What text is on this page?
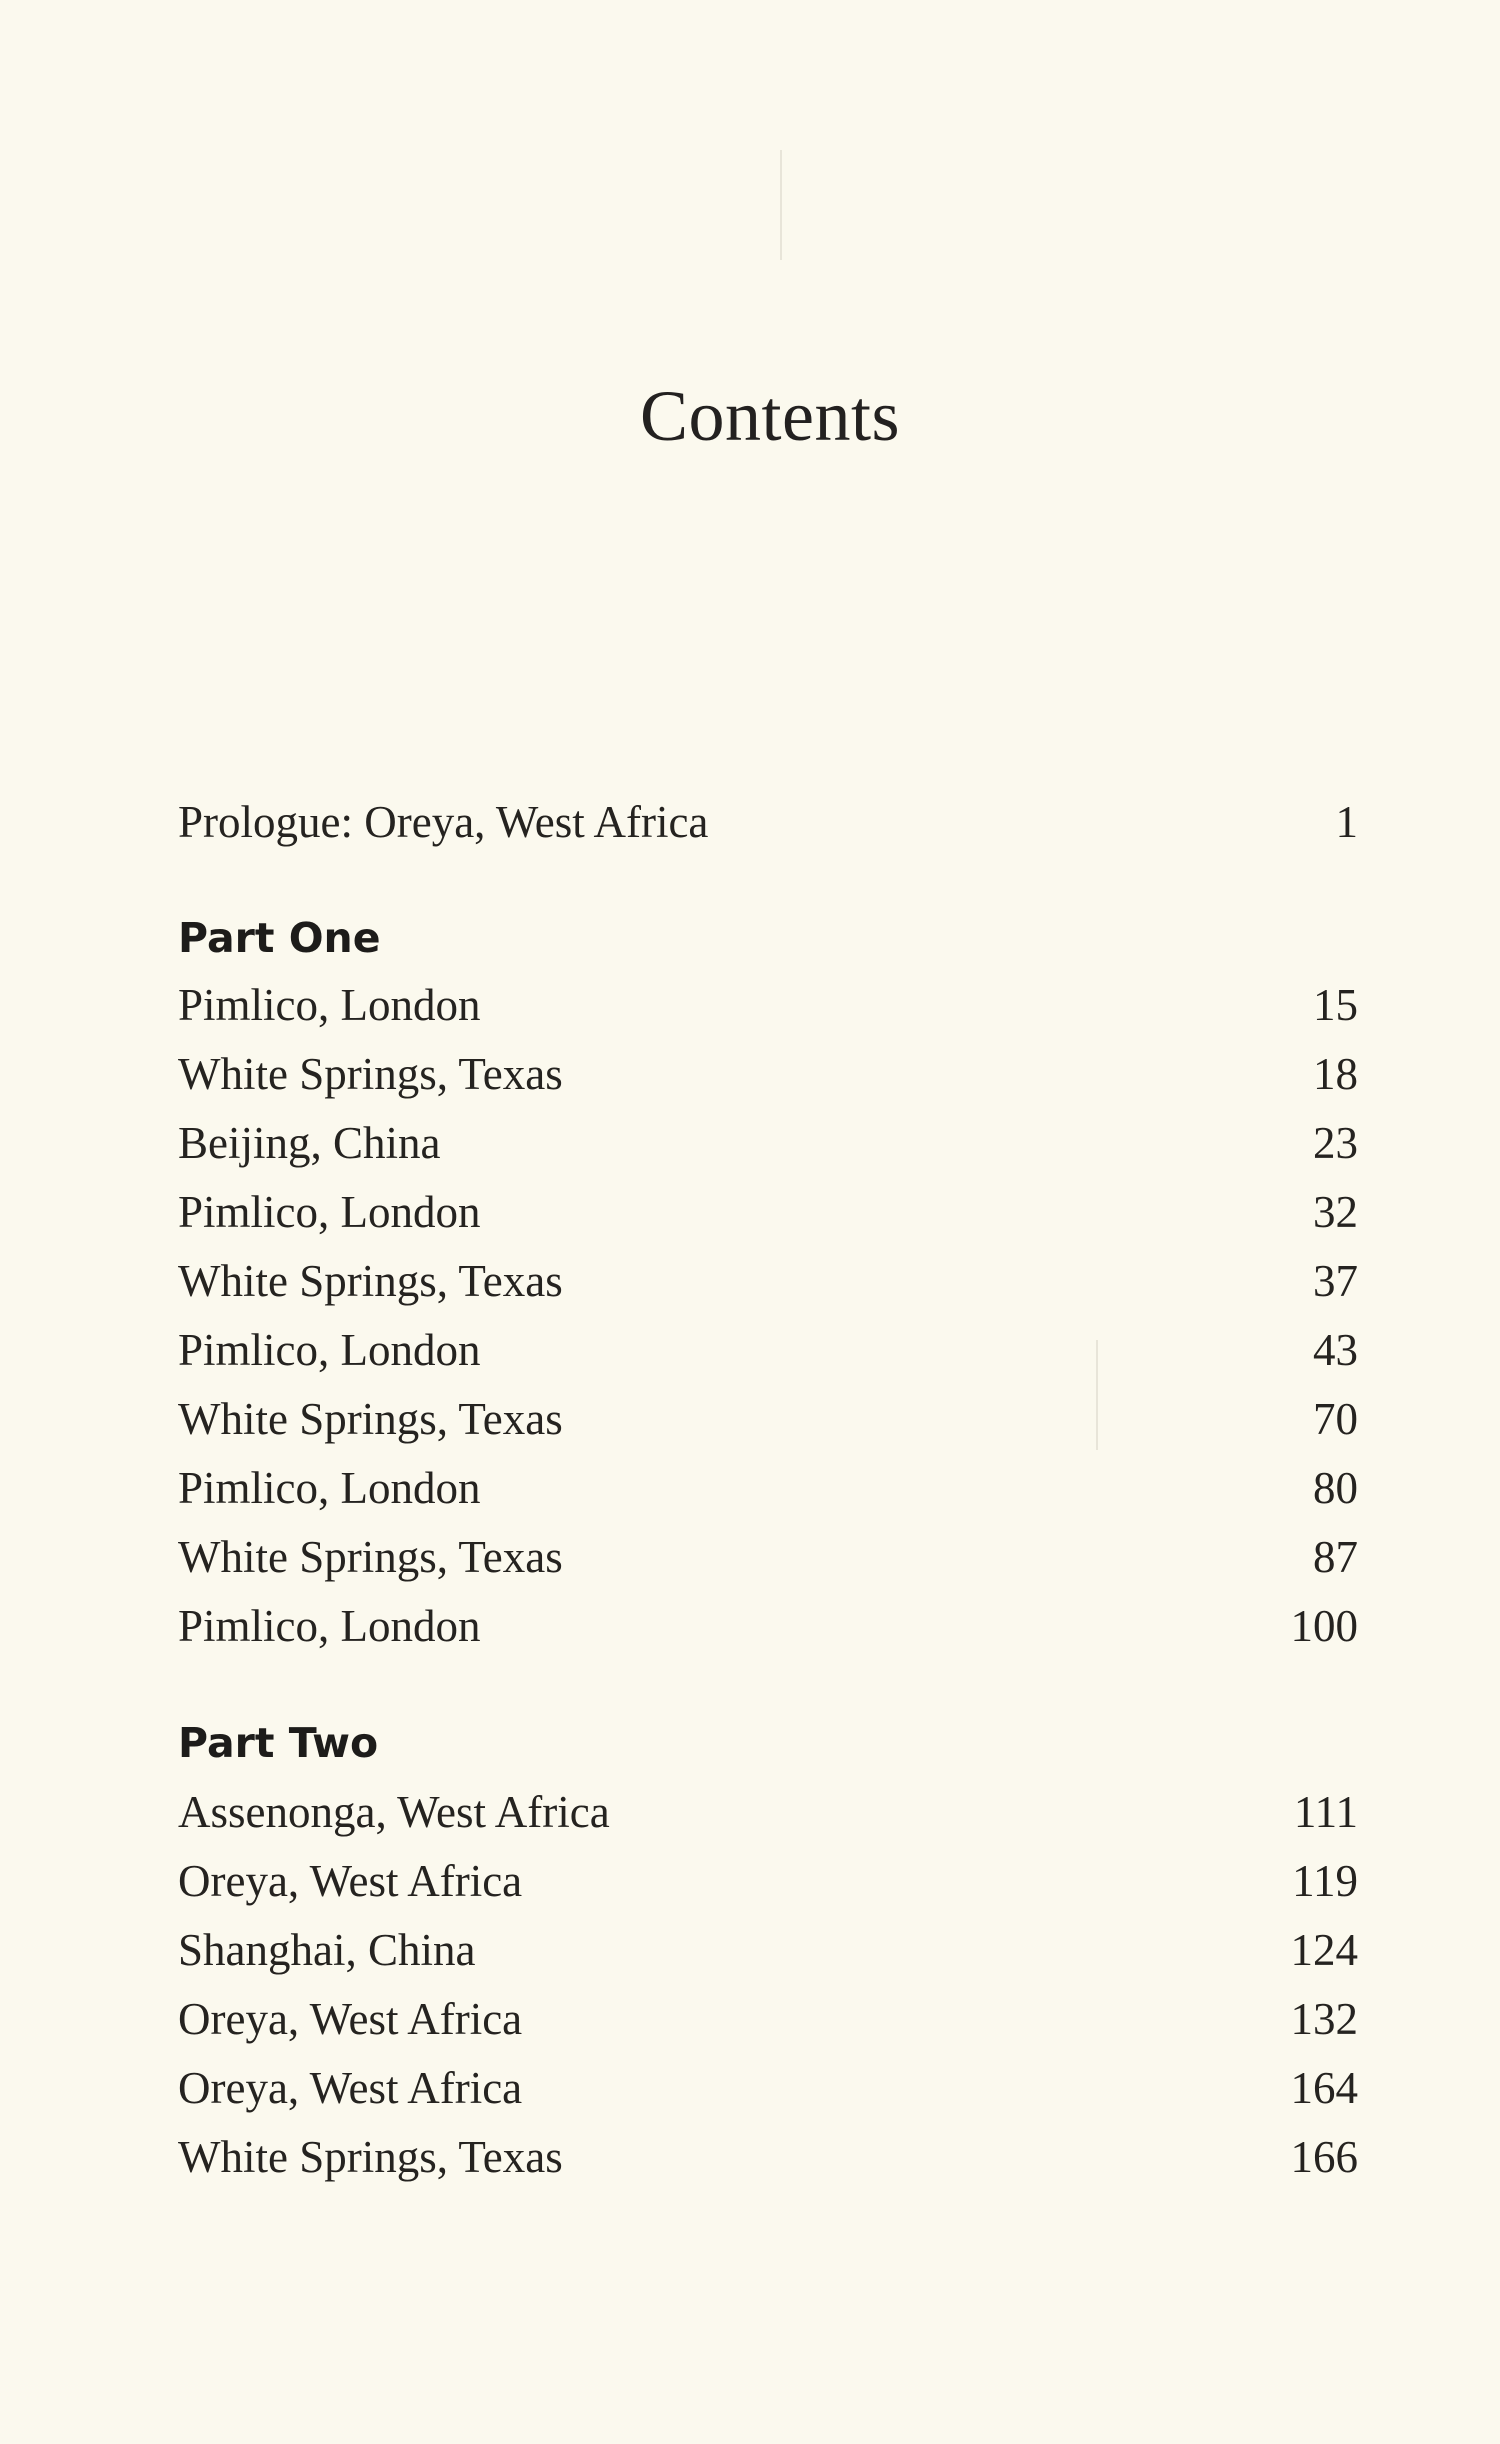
Contents
Prologue: Oreya, West Africa	1
Part One
Pimlico, London	15
White Springs, Texas	18
Beijing, China	23
Pimlico, London	32
White Springs, Texas	37
Pimlico, London	43
White Springs, Texas	70
Pimlico, London	80
White Springs, Texas	87
Pimlico, London	100
Part Two
Assenonga, West Africa	111
Oreya, West Africa	119
Shanghai, China	124
Oreya, West Africa	132
Oreya, West Africa	164
White Springs, Texas	166
